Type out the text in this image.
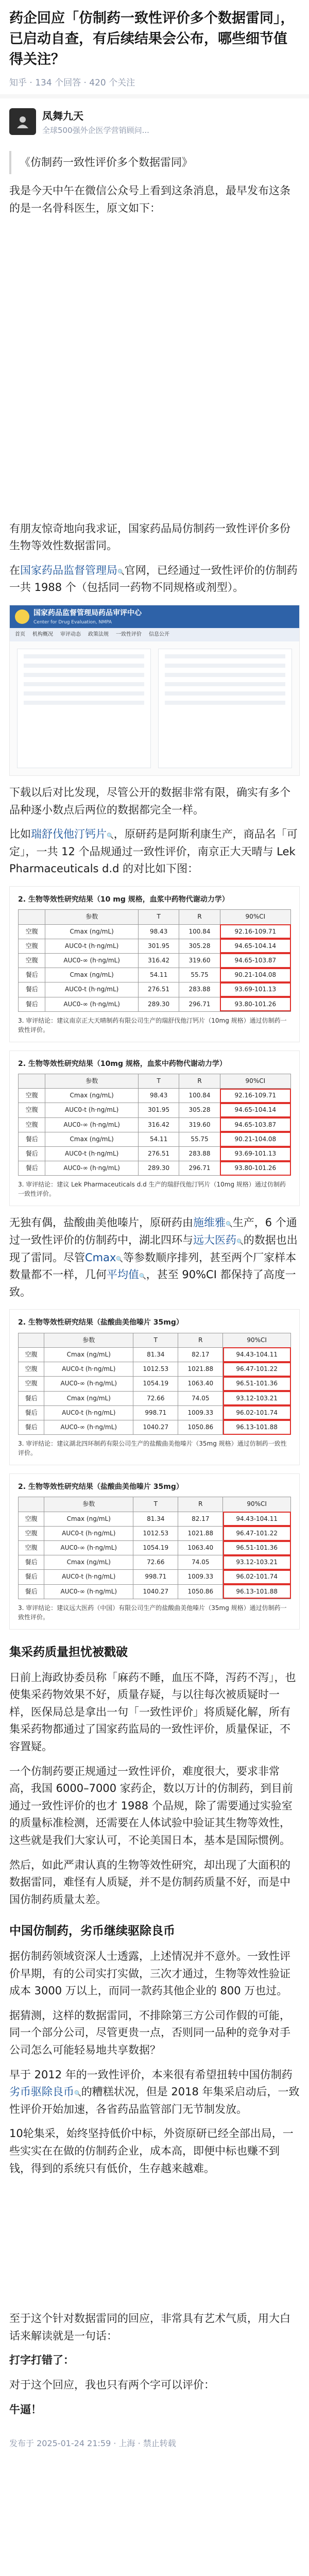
药企回应「仿制药一致性评价多个数据雷同」，已启动自查，有后续结果会公布，哪些细节值得关注？
知乎 · 134 个回答 · 420 个关注
凤舞九天
全球500强外企医学营销顾问...
《仿制药一致性评价多个数据雷同》

我是今天中午在微信公众号上看到这条消息，最早发布这条的是一名骨科医生，原文如下：

有朋友惊奇地向我求证，国家药品局仿制药一致性评价多份生物等效性数据雷同。

在国家药品监督管理局 🔍 官网，已经通过一致性评价的仿制药一共 1988 个（包括同一药物不同规格或剂型）。

国家药品监督管理局药品审评中心
Center for Drug Evaluation, NMPA
首页 机构概况 审评动态 政策法规 一致性评价 信息公开

下载以后对比发现，尽管公开的数据非常有限，确实有多个品种逐小数点后两位的数据都完全一样。

比如瑞舒伐他汀钙片 🔍 ，原研药是阿斯利康生产，商品名「可定」，一共 12 个品规通过一致性评价，南京正大天晴与 Lek Pharmaceuticals d.d 的对比如下图：

2. 生物等效性研究结果（10 mg 规格，血浆中药物代谢动力学）
	参数	T	R	90%CI
空腹	Cmax (ng/mL)	98.43	100.84	92.16-109.71
空腹	AUC0-t (h·ng/mL)	301.95	305.28	94.65-104.14
空腹	AUC0-∞ (h·ng/mL)	316.42	319.60	94.65-103.87
餐后	Cmax (ng/mL)	54.11	55.75	90.21-104.08
餐后	AUC0-t (h·ng/mL)	276.51	283.88	93.69-101.13
餐后	AUC0-∞ (h·ng/mL)	289.30	296.71	93.80-101.26
3. 审评结论：建议南京正大天晴制药有限公司生产的瑞舒伐他汀钙片（10mg 规格）通过仿制药一致性评价。
2. 生物等效性研究结果（10mg 规格，血浆中药物代谢动力学）
	参数	T	R	90%CI
空腹	Cmax (ng/mL)	98.43	100.84	92.16-109.71
空腹	AUC0-t (h·ng/mL)	301.95	305.28	94.65-104.14
空腹	AUC0-∞ (h·ng/mL)	316.42	319.60	94.65-103.87
餐后	Cmax (ng/mL)	54.11	55.75	90.21-104.08
餐后	AUC0-t (h·ng/mL)	276.51	283.88	93.69-101.13
餐后	AUC0-∞ (h·ng/mL)	289.30	296.71	93.80-101.26
3. 审评结论：建议 Lek Pharmaceuticals d.d 生产的瑞舒伐他汀钙片（10mg 规格）通过仿制药一致性评价。

无独有偶，盐酸曲美他嗪片，原研药由施维雅 🔍 生产，6 个通过一致性评价的仿制药中，湖北四环与远大医药 🔍 的数据也出现了雷同。尽管Cmax 🔍 等参数顺序排列，甚至两个厂家样本数量都不一样，几何平均值 🔍 ，甚至 90%CI 都保持了高度一致。

2. 生物等效性研究结果（盐酸曲美他嗪片 35mg）
	参数	T	R	90%CI
空腹	Cmax (ng/mL)	81.34	82.17	94.43-104.11
空腹	AUC0-t (h·ng/mL)	1012.53	1021.88	96.47-101.22
空腹	AUC0-∞ (h·ng/mL)	1054.19	1063.40	96.51-101.36
餐后	Cmax (ng/mL)	72.66	74.05	93.12-103.21
餐后	AUC0-t (h·ng/mL)	998.71	1009.33	96.02-101.74
餐后	AUC0-∞ (h·ng/mL)	1040.27	1050.86	96.13-101.88
3. 审评结论：建议湖北四环制药有限公司生产的盐酸曲美他嗪片（35mg 规格）通过仿制药一致性评价。
2. 生物等效性研究结果（盐酸曲美他嗪片 35mg）
	参数	T	R	90%CI
空腹	Cmax (ng/mL)	81.34	82.17	94.43-104.11
空腹	AUC0-t (h·ng/mL)	1012.53	1021.88	96.47-101.22
空腹	AUC0-∞ (h·ng/mL)	1054.19	1063.40	96.51-101.36
餐后	Cmax (ng/mL)	72.66	74.05	93.12-103.21
餐后	AUC0-t (h·ng/mL)	998.71	1009.33	96.02-101.74
餐后	AUC0-∞ (h·ng/mL)	1040.27	1050.86	96.13-101.88
3. 审评结论：建议远大医药（中国）有限公司生产的盐酸曲美他嗪片（35mg 规格）通过仿制药一致性评价。
集采药质量担忧被戳破

日前上海政协委员称「麻药不睡，血压不降，泻药不泻」，也使集采药物效果不好，质量存疑，与以往每次被质疑时一样，医保局总是拿出一句「一致性评价」将质疑化解，所有集采药物都通过了国家药监局的一致性评价，质量保证，不容置疑。

一个仿制药要正规通过一致性评价，难度很大，要求非常高，我国 6000–7000 家药企，数以万计的仿制药，到目前通过一致性评价的也才 1988 个品规，除了需要通过实验室的质量标准检测，还需要在人体试验中验证其生物等效性，这些就是我们大家认可，不论美国日本，基本是国际惯例。

然后，如此严肃认真的生物等效性研究，却出现了大面积的数据雷同，难怪有人质疑，并不是仿制药质量不好，而是中国仿制药质量太差。

中国仿制药，劣币继续驱除良币

据仿制药领域资深人士透露，上述情况并不意外。一致性评价早期，有的公司实打实做，三次才通过，生物等效性验证成本 3000 万以上，而同一款药其他企业的 800 万也过。

据猜测，这样的数据雷同，不排除第三方公司作假的可能，同一个部分公司，尽管更贵一点，否则同一品种的竞争对手公司怎么可能轻易地共享数据？

早于 2012 年的一致性评价，本来很有希望扭转中国仿制药劣币驱除良币 🔍 的糟糕状况，但是 2018 年集采启动后，一致性评价开始加速，各省药品监管部门无节制发放。

10轮集采，始终坚持低价中标，外资原研已经全部出局，一些实实在在做的仿制药企业，成本高，即便中标也赚不到钱，得到的系统只有低价，生存越来越难。

至于这个针对数据雷同的回应，非常具有艺术气质，用大白话来解读就是一句话：

打字打错了：

对于这个回应，我也只有两个字可以评价：

牛逼！

发布于 2025-01-24 21:59 · 上海 · 禁止转载
